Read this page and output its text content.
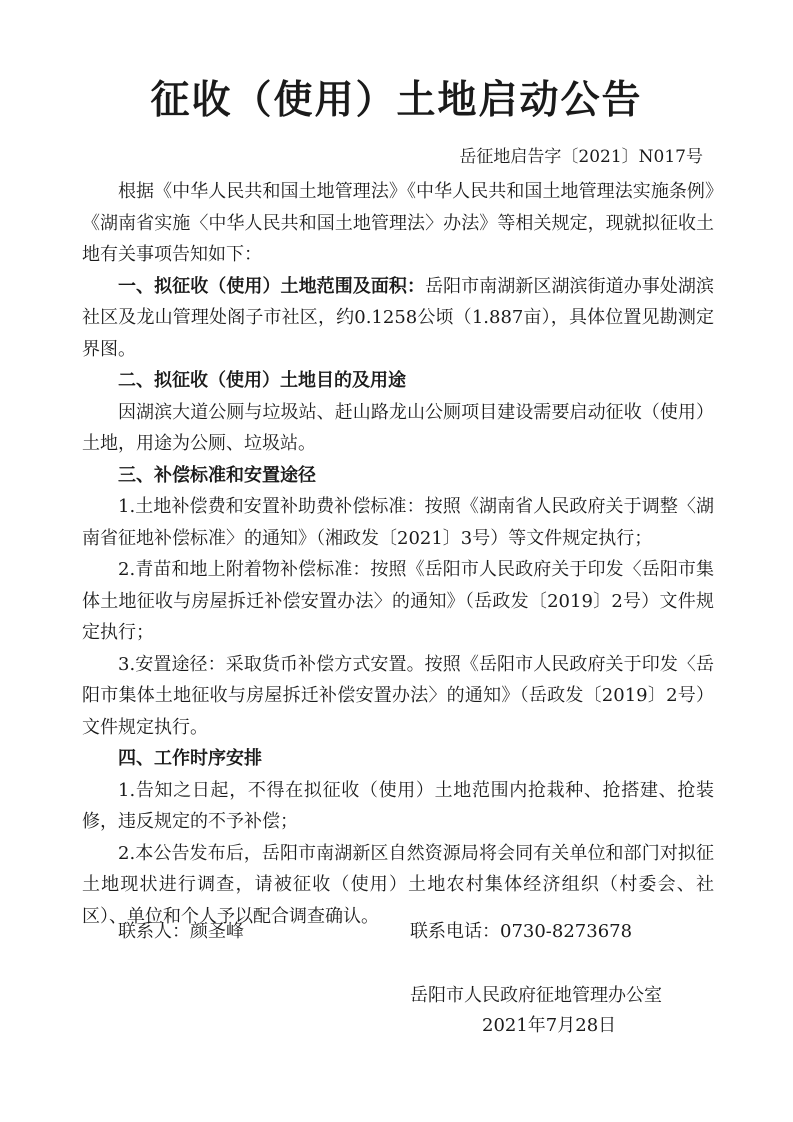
征收（使用）土地启动公告
岳征地启告字〔2021〕N017号

根据《中华人民共和国土地管理法》《中华人民共和国土地管理法实施条例》《湖南省实施〈中华人民共和国土地管理法〉办法》等相关规定，现就拟征收土地有关事项告知如下：

一、拟征收（使用）土地范围及面积：岳阳市南湖新区湖滨街道办事处湖滨社区及龙山管理处阁子市社区，约0.1258公顷（1.887亩），具体位置见勘测定界图。

二、拟征收（使用）土地目的及用途

因湖滨大道公厕与垃圾站、赶山路龙山公厕项目建设需要启动征收（使用）土地，用途为公厕、垃圾站。

三、补偿标准和安置途径

1.土地补偿费和安置补助费补偿标准：按照《湖南省人民政府关于调整〈湖南省征地补偿标准〉的通知》（湘政发〔2021〕3号）等文件规定执行；

2.青苗和地上附着物补偿标准：按照《岳阳市人民政府关于印发〈岳阳市集体土地征收与房屋拆迁补偿安置办法〉的通知》（岳政发〔2019〕2号）文件规定执行；

3.安置途径：采取货币补偿方式安置。按照《岳阳市人民政府关于印发〈岳阳市集体土地征收与房屋拆迁补偿安置办法〉的通知》（岳政发〔2019〕2号）文件规定执行。

四、工作时序安排

1.告知之日起，不得在拟征收（使用）土地范围内抢栽种、抢搭建、抢装修，违反规定的不予补偿；

2.本公告发布后，岳阳市南湖新区自然资源局将会同有关单位和部门对拟征土地现状进行调查，请被征收（使用）土地农村集体经济组织（村委会、社区）、单位和个人予以配合调查确认。

联系人：颜圣峰	联系电话：0730-8273678
岳阳市人民政府征地管理办公室
2021年7月28日
